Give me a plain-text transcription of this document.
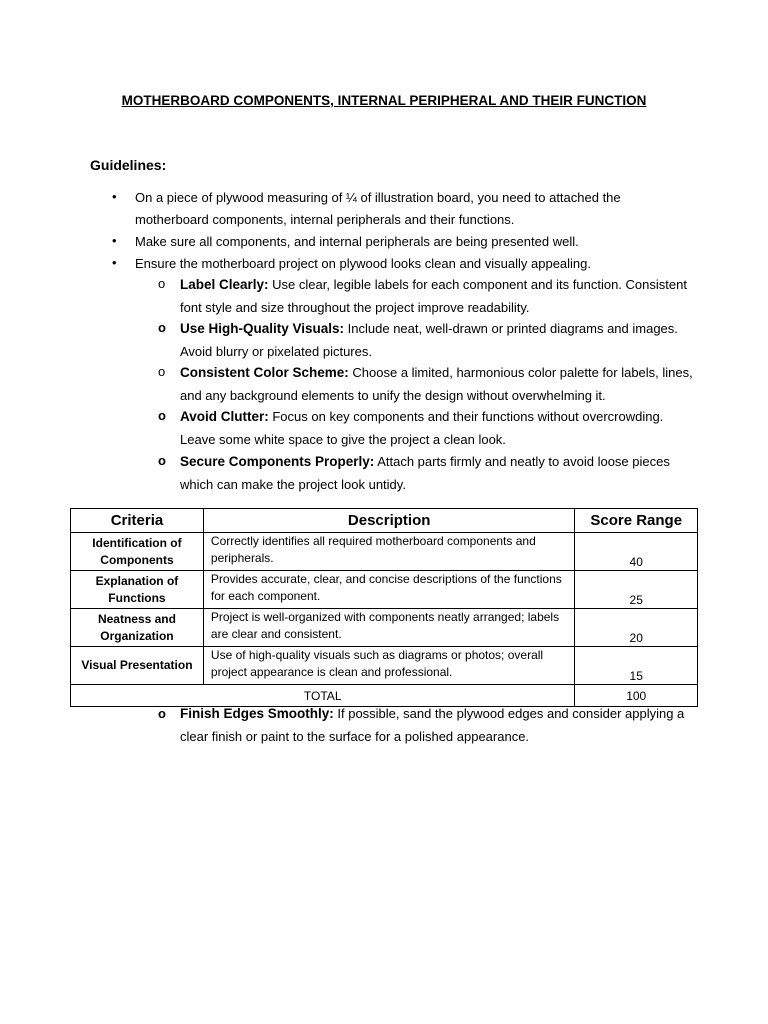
MOTHERBOARD COMPONENTS, INTERNAL PERIPHERAL AND THEIR FUNCTION
Guidelines:
• On a piece of plywood measuring of ¼ of illustration board, you need to attached the motherboard components, internal peripherals and their functions.
• Make sure all components, and internal peripherals are being presented well.
• Ensure the motherboard project on plywood looks clean and visually appealing.
o Label Clearly: Use clear, legible labels for each component and its function. Consistent font style and size throughout the project improve readability.
o Use High-Quality Visuals: Include neat, well-drawn or printed diagrams and images. Avoid blurry or pixelated pictures.
o Consistent Color Scheme: Choose a limited, harmonious color palette for labels, lines, and any background elements to unify the design without overwhelming it.
o Avoid Clutter: Focus on key components and their functions without overcrowding. Leave some white space to give the project a clean look.
o Secure Components Properly: Attach parts firmly and neatly to avoid loose pieces which can make the project look untidy.
Criteria	Description	Score Range
Identification of Components	Correctly identifies all required motherboard components and peripherals.	40
Explanation of Functions	Provides accurate, clear, and concise descriptions of the functions for each component.	25
Neatness and Organization	Project is well-organized with components neatly arranged; labels are clear and consistent.	20
Visual Presentation	Use of high-quality visuals such as diagrams or photos; overall project appearance is clean and professional.	15
TOTAL		100
o Finish Edges Smoothly: If possible, sand the plywood edges and consider applying a clear finish or paint to the surface for a polished appearance.
